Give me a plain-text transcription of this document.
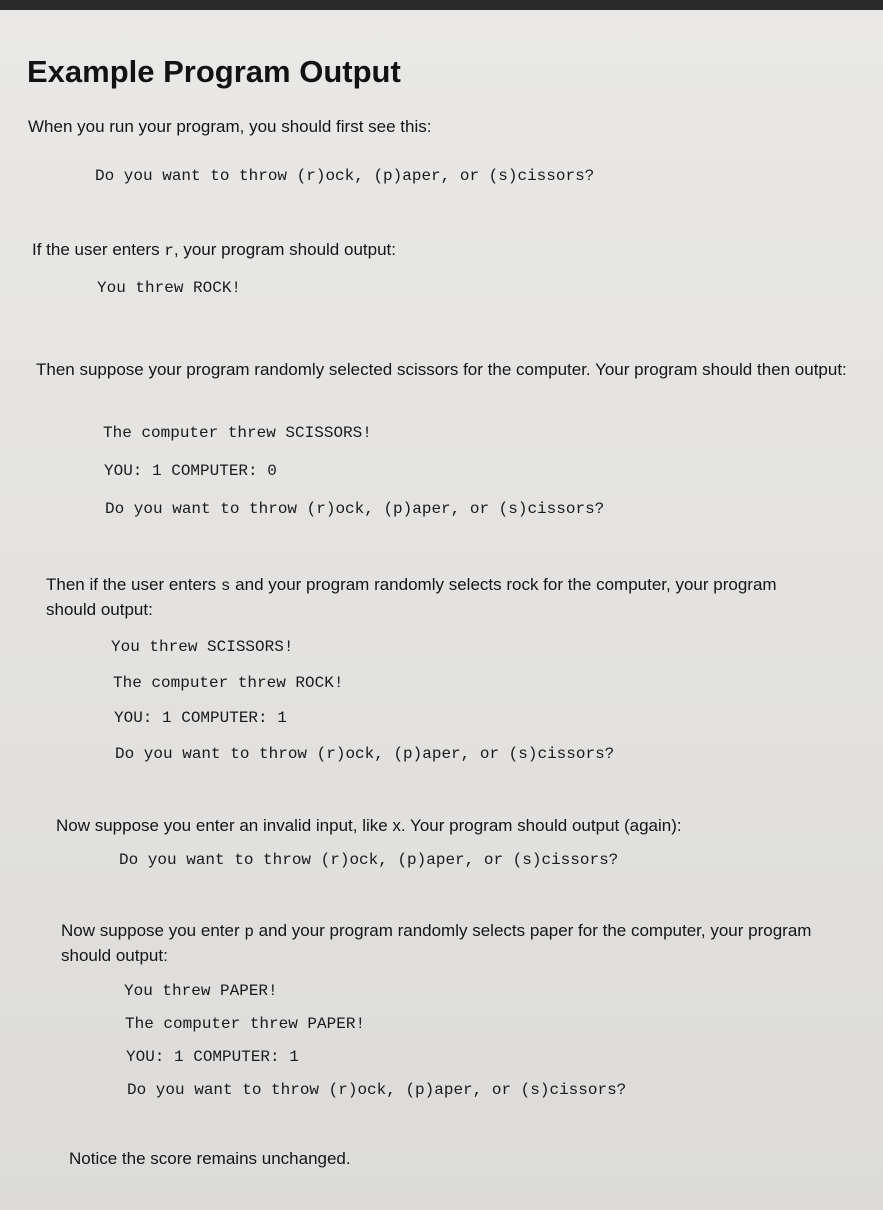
Example Program Output
When you run your program, you should first see this:
Do you want to throw (r)ock, (p)aper, or (s)cissors?
If the user enters r, your program should output:
You threw ROCK!
Then suppose your program randomly selected scissors for the computer. Your program should then output:
The computer threw SCISSORS!
YOU: 1 COMPUTER: 0
Do you want to throw (r)ock, (p)aper, or (s)cissors?
Then if the user enters s and your program randomly selects rock for the computer, your program should output:
You threw SCISSORS!
The computer threw ROCK!
YOU: 1 COMPUTER: 1
Do you want to throw (r)ock, (p)aper, or (s)cissors?
Now suppose you enter an invalid input, like x. Your program should output (again):
Do you want to throw (r)ock, (p)aper, or (s)cissors?
Now suppose you enter p and your program randomly selects paper for the computer, your program should output:
You threw PAPER!
The computer threw PAPER!
YOU: 1 COMPUTER: 1
Do you want to throw (r)ock, (p)aper, or (s)cissors?
Notice the score remains unchanged.
